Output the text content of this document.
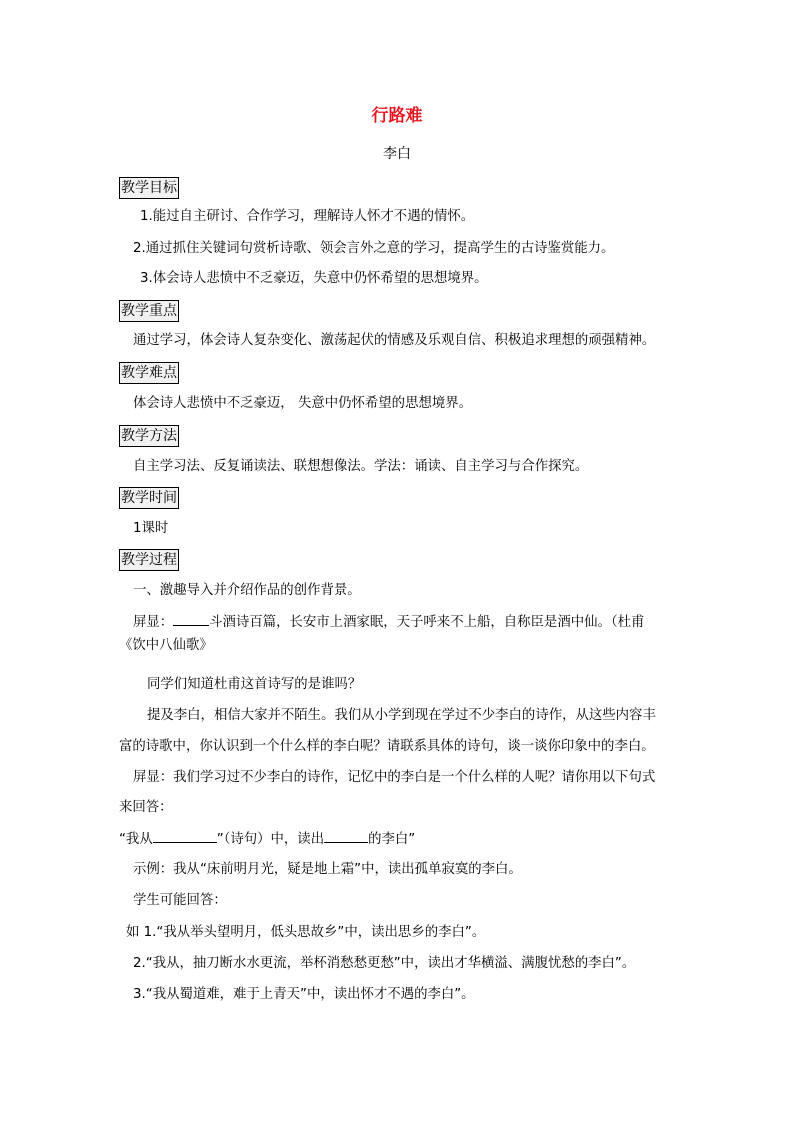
行路难
李白
教学目标
1.能过自主研讨、合作学习，理解诗人怀才不遇的情怀。
2.通过抓住关键词句赏析诗歌、领会言外之意的学习，提高学生的古诗鉴赏能力。
3.体会诗人悲愤中不乏豪迈，失意中仍怀希望的思想境界。
教学重点
通过学习，体会诗人复杂变化、激荡起伏的情感及乐观自信、积极追求理想的顽强精神。
教学难点
体会诗人悲愤中不乏豪迈， 失意中仍怀希望的思想境界。
教学方法
自主学习法、反复诵读法、联想想像法。学法：诵读、自主学习与合作探究。
教学时间
1课时
教学过程
一、激趣导入并介绍作品的创作背景。
屏显：	斗酒诗百篇，长安市上酒家眠，天子呼来不上船，自称臣是酒中仙。（杜甫
《饮中八仙歌》
同学们知道杜甫这首诗写的是谁吗？
提及李白，相信大家并不陌生。我们从小学到现在学过不少李白的诗作，从这些内容丰
富的诗歌中，你认识到一个什么样的李白呢？请联系具体的诗句，谈一谈你印象中的李白。
屏显：我们学习过不少李白的诗作，记忆中的李白是一个什么样的人呢？请你用以下句式
来回答：
“我从	”（诗句）中，读出	的李白”
示例：我从“床前明月光，疑是地上霜”中，读出孤单寂寞的李白。
学生可能回答：
如 1.“我从举头望明月，低头思故乡”中，读出思乡的李白”。
2.“我从，抽刀断水水更流，举杯消愁愁更愁”中，读出才华横溢、满腹忧愁的李白”。
3.“我从蜀道难，难于上青天”中，读出怀才不遇的李白”。
